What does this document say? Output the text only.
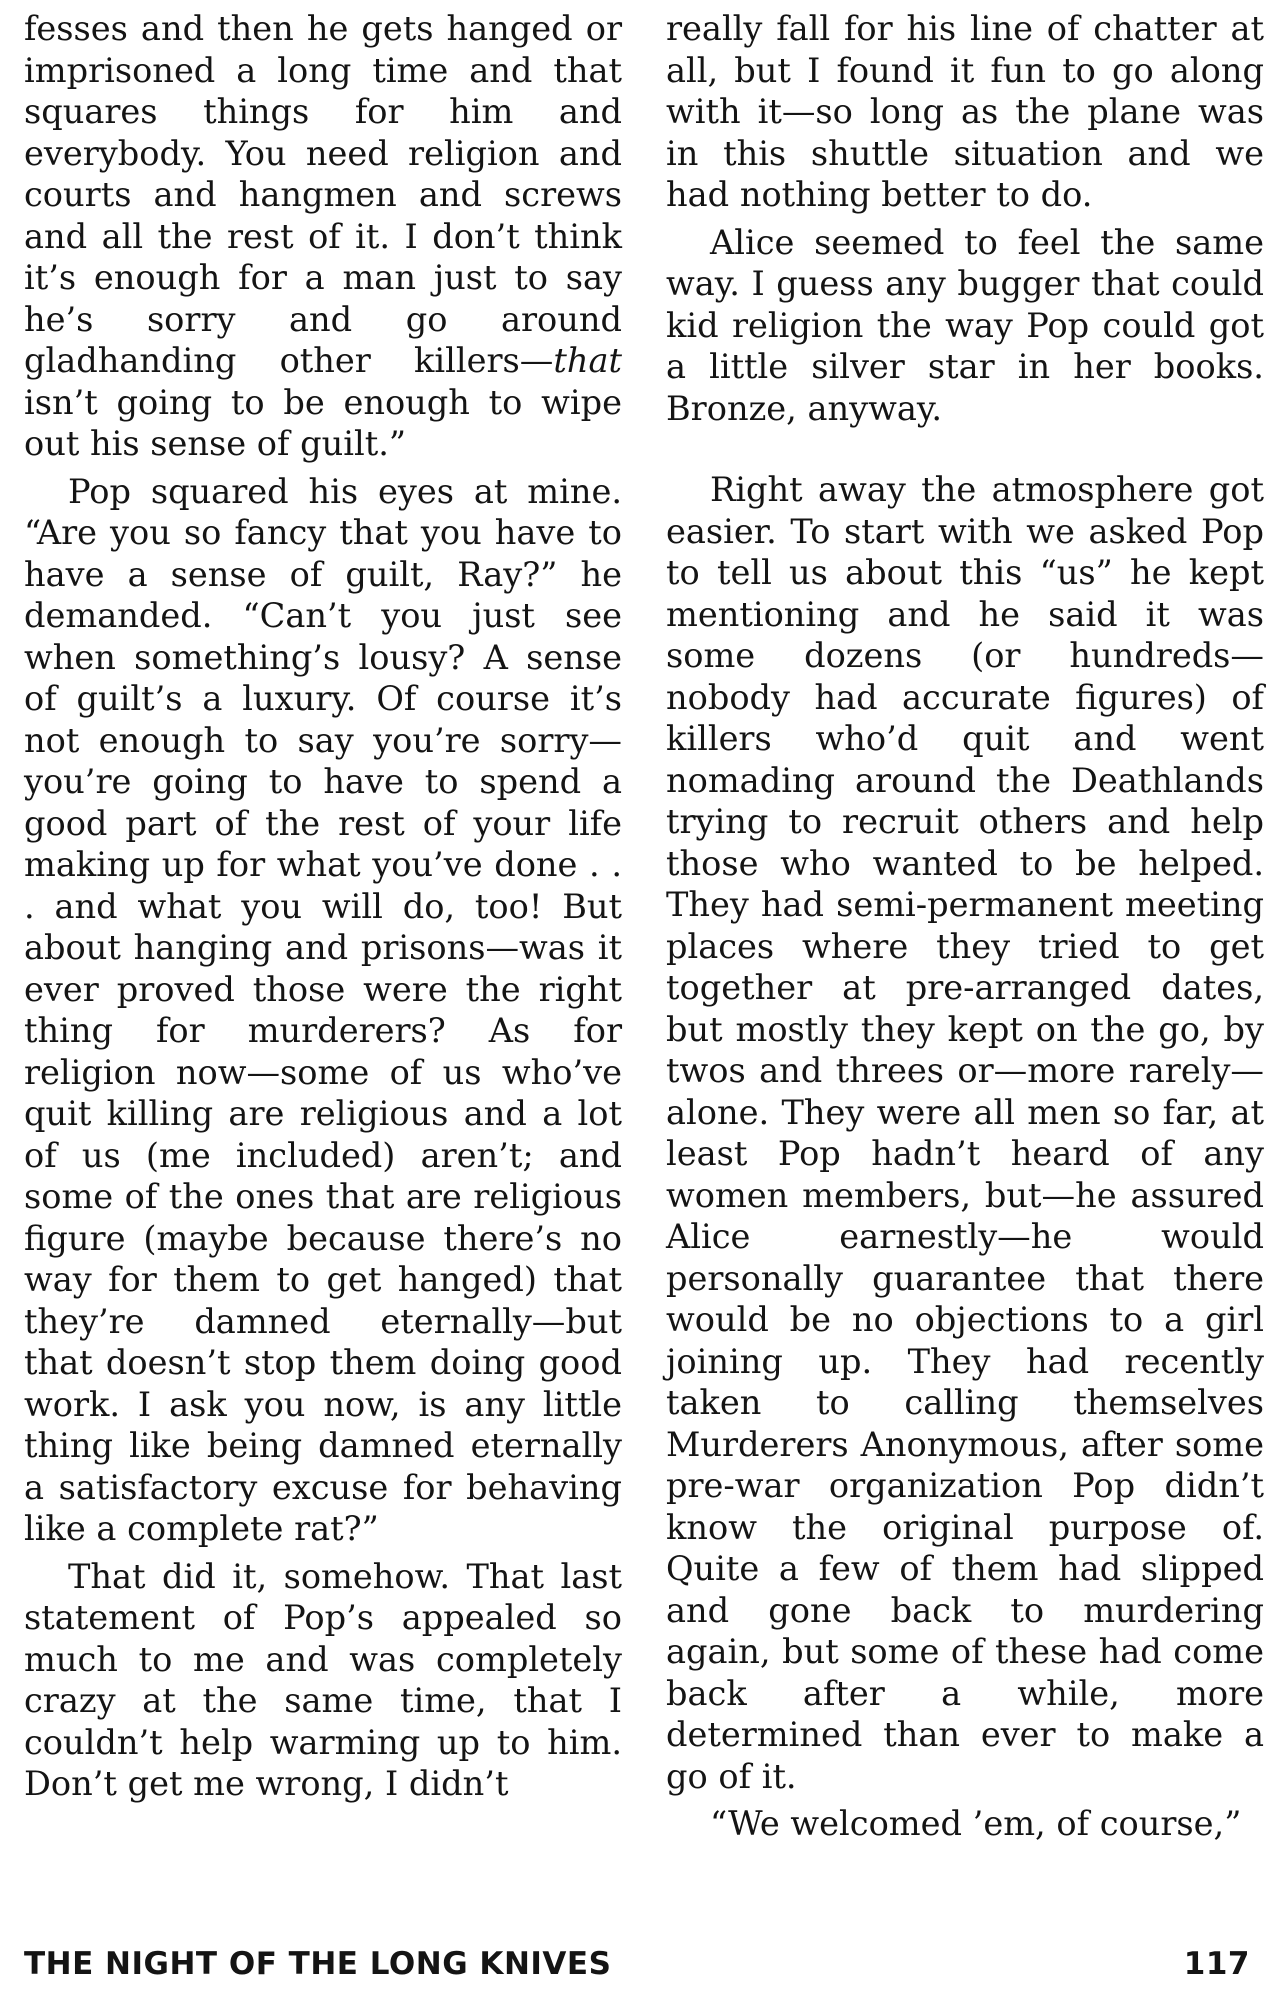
fesses and then he gets hanged or imprisoned a long time and that squares things for him and everybody. You need religion and courts and hangmen and screws and all the rest of it. I don’t think it’s enough for a man just to say he’s sorry and go around gladhanding other killers—that isn’t going to be enough to wipe out his sense of guilt.”

Pop squared his eyes at mine. “Are you so fancy that you have to have a sense of guilt, Ray?” he demanded. “Can’t you just see when something’s lousy? A sense of guilt’s a luxury. Of course it’s not enough to say you’re sorry—you’re going to have to spend a good part of the rest of your life making up for what you’ve done . . . and what you will do, too! But about hanging and prisons—was it ever proved those were the right thing for murderers? As for religion now—some of us who’ve quit killing are religious and a lot of us (me included) aren’t; and some of the ones that are religious figure (maybe because there’s no way for them to get hanged) that they’re damned eternally—but that doesn’t stop them doing good work. I ask you now, is any little thing like being damned eternally a satisfactory excuse for behaving like a complete rat?”

That did it, somehow. That last statement of Pop’s appealed so much to me and was completely crazy at the same time, that I couldn’t help warming up to him. Don’t get me wrong, I didn’t

really fall for his line of chatter at all, but I found it fun to go along with it—so long as the plane was in this shuttle situation and we had nothing better to do.

Alice seemed to feel the same way. I guess any bugger that could kid religion the way Pop could got a little silver star in her books. Bronze, anyway.

Right away the atmosphere got easier. To start with we asked Pop to tell us about this “us” he kept mentioning and he said it was some dozens (or hundreds—nobody had accurate figures) of killers who’d quit and went nomading around the Deathlands trying to recruit others and help those who wanted to be helped. They had semi-permanent meeting places where they tried to get together at pre-arranged dates, but mostly they kept on the go, by twos and threes or—more rarely—alone. They were all men so far, at least Pop hadn’t heard of any women members, but—he assured Alice earnestly—he would personally guarantee that there would be no objections to a girl joining up. They had recently taken to calling themselves Murderers Anonymous, after some pre-war organization Pop didn’t know the original purpose of. Quite a few of them had slipped and gone back to murdering again, but some of these had come back after a while, more determined than ever to make a go of it.

“We welcomed ’em, of course,”

THE NIGHT OF THE LONG KNIVES	117
